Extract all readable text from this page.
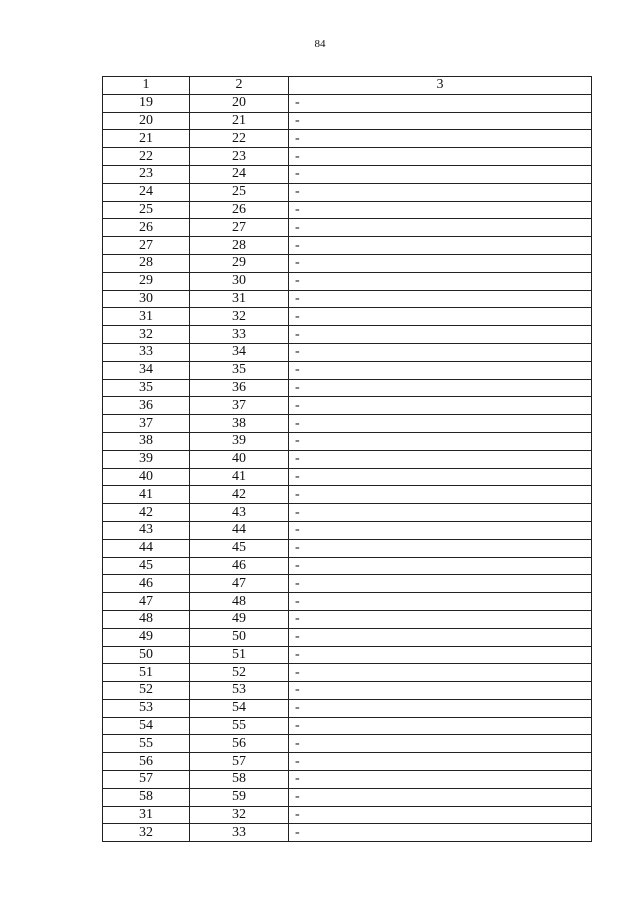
84
1	2	3
19	20	-
20	21	-
21	22	-
22	23	-
23	24	-
24	25	-
25	26	-
26	27	-
27	28	-
28	29	-
29	30	-
30	31	-
31	32	-
32	33	-
33	34	-
34	35	-
35	36	-
36	37	-
37	38	-
38	39	-
39	40	-
40	41	-
41	42	-
42	43	-
43	44	-
44	45	-
45	46	-
46	47	-
47	48	-
48	49	-
49	50	-
50	51	-
51	52	-
52	53	-
53	54	-
54	55	-
55	56	-
56	57	-
57	58	-
58	59	-
31	32	-
32	33	-
